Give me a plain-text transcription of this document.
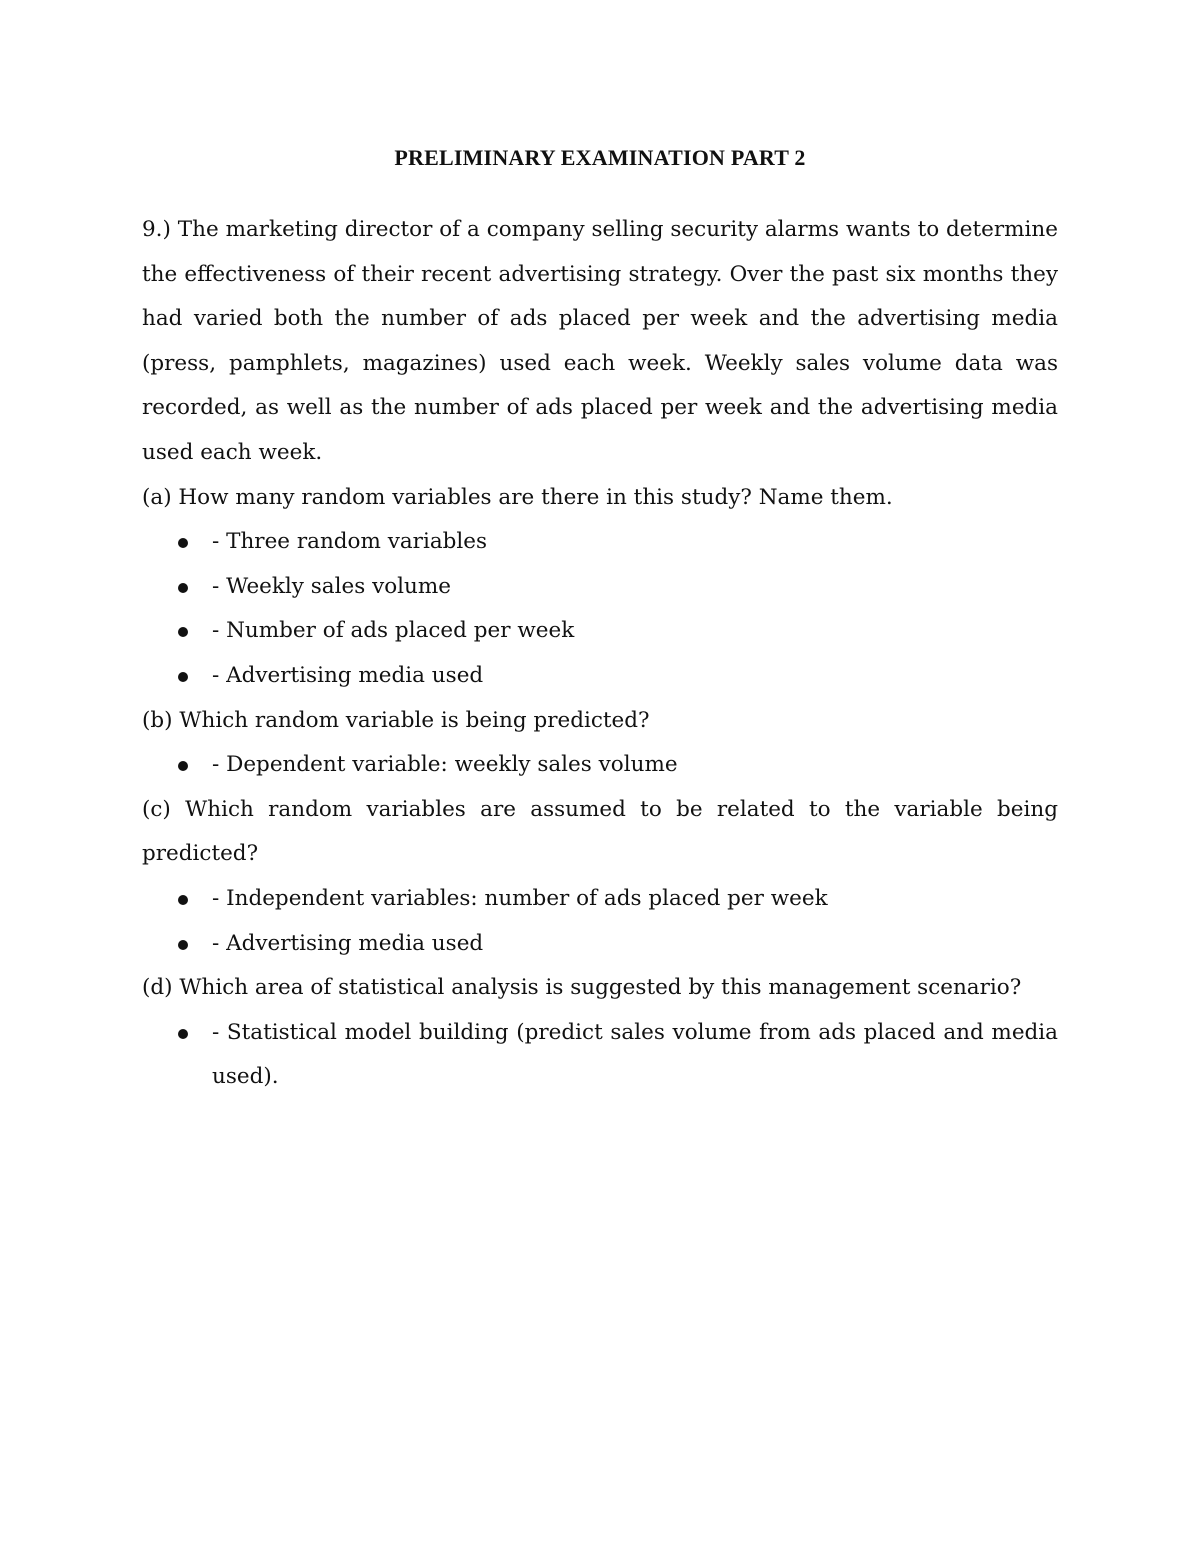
PRELIMINARY EXAMINATION PART 2

9.) The marketing director of a company selling security alarms wants to determine the effectiveness of their recent advertising strategy. Over the past six months they had varied both the number of ads placed per week and the advertising media (press, pamphlets, magazines) used each week. Weekly sales volume data was recorded, as well as the number of ads placed per week and the advertising media used each week.

(a) How many random variables are there in this study? Name them.

- Three random variables
- Weekly sales volume
- Number of ads placed per week
- Advertising media used

(b) Which random variable is being predicted?

- Dependent variable: weekly sales volume

(c) Which random variables are assumed to be related to the variable being predicted?

- Independent variables: number of ads placed per week
- Advertising media used

(d) Which area of statistical analysis is suggested by this management scenario?

- Statistical model building (predict sales volume from ads placed and media used).
